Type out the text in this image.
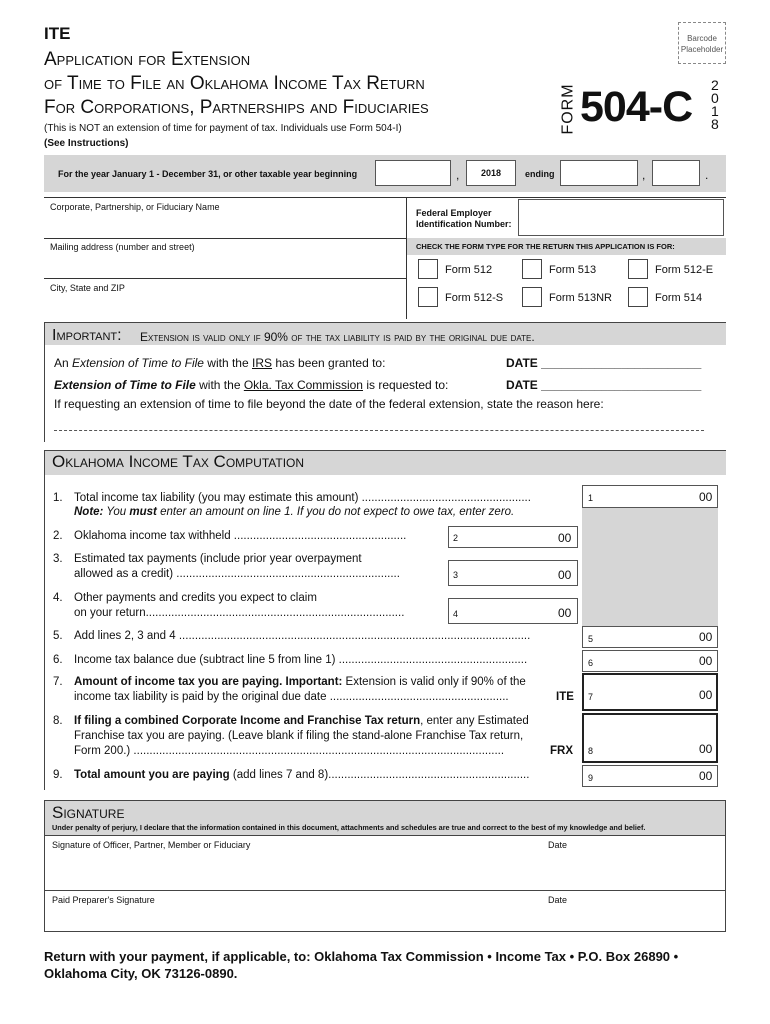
ITE
Application for Extension
of Time to File an Oklahoma Income Tax Return
For Corporations, Partnerships and Fiduciaries
(This is NOT an extension of time for payment of tax. Individuals use Form 504-I)
(See Instructions)
Barcode Placeholder
FORM 504-C 2
0
1
8
For the year January 1 - December 31, or other taxable year beginning	,	2018	ending	,	.
Corporate, Partnership, or Fiduciary Name
Mailing address (number and street)
City, State and ZIP
Federal Employer
Identification Number:
CHECK THE FORM TYPE FOR THE RETURN THIS APPLICATION IS FOR:
Form 512	Form 513	Form 512-E
Form 512-S	Form 513NR	Form 514
Important: Extension is valid only if 90% of the tax liability is paid by the original due date.
An Extension of Time to File with the IRS has been granted to:	DATE ________________________
Extension of Time to File with the Okla. Tax Commission is requested to:	DATE ________________________
If requesting an extension of time to file beyond the date of the federal extension, state the reason here:
Oklahoma Income Tax Computation
1. Total income tax liability (you may estimate this amount) .....................................................	1	00
Note: You must enter an amount on line 1. If you do not expect to owe tax, enter zero.
2. Oklahoma income tax withheld ......................................................	2	00
3. Estimated tax payments (include prior year overpayment
allowed as a credit) ......................................................................	3	00
4. Other payments and credits you expect to claim
on your return.................................................................................	4	00
5. Add lines 2, 3 and 4 ..............................................................................................................	5	00
6. Income tax balance due (subtract line 5 from line 1) ...........................................................	6	00
7. Amount of income tax you are paying. Important: Extension is valid only if 90% of the
income tax liability is paid by the original due date ........................................................	ITE 7	00
8. If filing a combined Corporate Income and Franchise Tax return, enter any Estimated
Franchise tax you are paying. (Leave blank if filing the stand-alone Franchise Tax return,
Form 200.) ....................................................................................................................	FRX 8	00
9. Total amount you are paying (add lines 7 and 8)...............................................................	9	00
Signature
Under penalty of perjury, I declare that the information contained in this document, attachments and schedules are true and correct to the best of my knowledge and belief.
Signature of Officer, Partner, Member or Fiduciary	Date
Paid Preparer's Signature	Date
Return with your payment, if applicable, to: Oklahoma Tax Commission • Income Tax • P.O. Box 26890 •
Oklahoma City, OK 73126-0890.
